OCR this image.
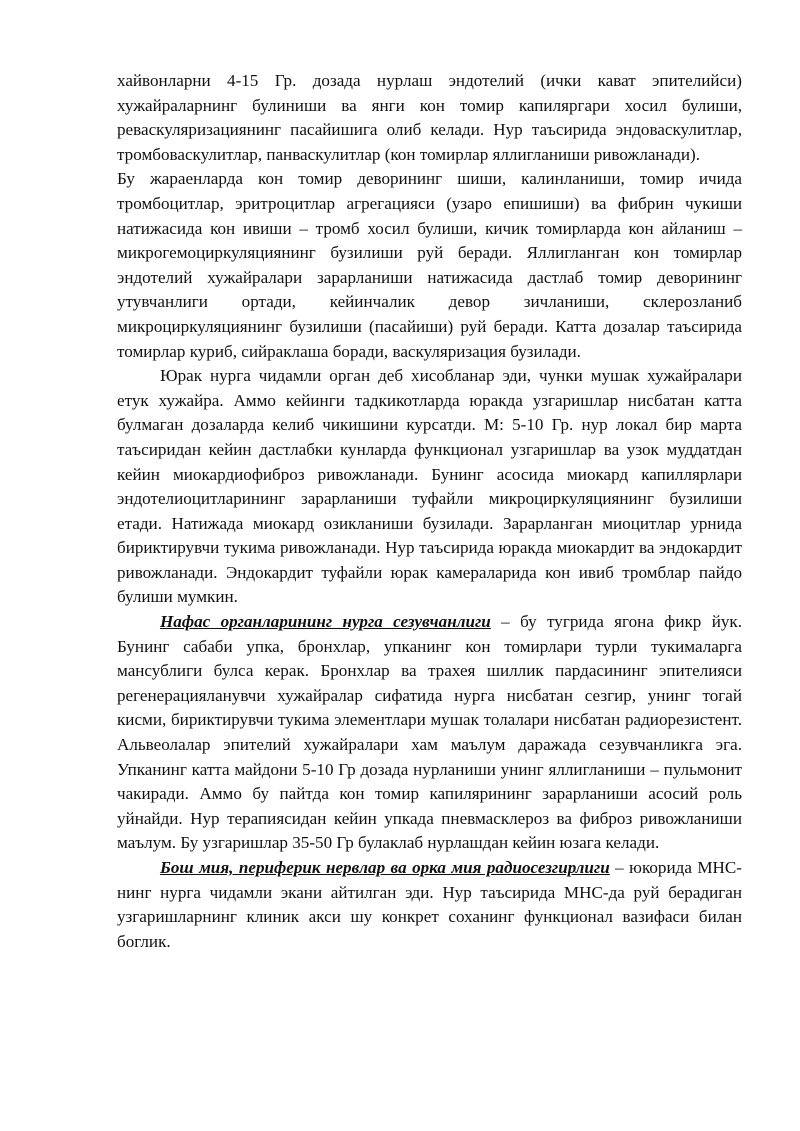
хайвонларни 4-15 Гр. дозада нурлаш эндотелий (ички кават эпителийси) хужайраларнинг булиниши ва янги кон томир капиляргари хосил булиши, реваскуляризациянинг пасайишига олиб келади. Нур таъсирида эндоваскулитлар, тромбоваскулитлар, панваскулитлар (кон томирлар яллигланиши ривожланади).

Бу жараенларда кон томир деворининг шиши, калинланиши, томир ичида тромбоцитлар, эритроцитлар агрегацияси (узаро епишиши) ва фибрин чукиши натижасида кон ивиши – тромб хосил булиши, кичик томирларда кон айланиш – микрогемоциркуляциянинг бузилиши руй беради. Яллигланган кон томирлар эндотелий хужайралари зарарланиши натижасида дастлаб томир деворининг утувчанлиги ортади, кейинчалик девор зичланиши, склерозланиб микроциркуляциянинг бузилиши (пасайиши) руй беради. Катта дозалар таъсирида томирлар куриб, сийраклаша боради, васкуляризация бузилади.

Юрак нурга чидамли орган деб хисобланар эди, чунки мушак хужайралари етук хужайра. Аммо кейинги тадкикотларда юракда узгаришлар нисбатан катта булмаган дозаларда келиб чикишини курсатди. М: 5-10 Гр. нур локал бир марта таъсиридан кейин дастлабки кунларда функционал узгаришлар ва узок муддатдан кейин миокардиофиброз ривожланади. Бунинг асосида миокард капиллярлари эндотелиоцитларининг зарарланиши туфайли микроциркуляциянинг бузилиши етади. Натижада миокард озикланиши бузилади. Зарарланган миоцитлар урнида бириктирувчи тукима ривожланади. Нур таъсирида юракда миокардит ва эндокардит ривожланади. Эндокардит туфайли юрак камераларида кон ивиб тромблар пайдо булиши мумкин.

Нафас органларининг нурга сезувчанлиги – бу тугрида ягона фикр йук. Бунинг сабаби упка, бронхлар, упканинг кон томирлари турли тукималарга мансублиги булса керак. Бронхлар ва трахея шиллик пардасининг эпителияси регенерацияланувчи хужайралар сифатида нурга нисбатан сезгир, унинг тогай кисми, бириктирувчи тукима элементлари мушак толалари нисбатан радиорезистент. Альвеолалар эпителий хужайралари хам маълум даражада сезувчанликга эга. Упканинг катта майдони 5-10 Гр дозада нурланиши унинг яллигланиши – пульмонит чакиради. Аммо бу пайтда кон томир капилярининг зарарланиши асосий роль уйнайди. Нур терапиясидан кейин упкада пневмасклероз ва фиброз ривожланиши маълум. Бу узгаришлар 35-50 Гр булаклаб нурлашдан кейин юзага келади.

Бош мия, периферик нервлар ва орка мия радиосезгирлиги – юкорида МНС-нинг нурга чидамли экани айтилган эди. Нур таъсирида МНС-да руй берадиган узгаришларнинг клиник акси шу конкрет соханинг функционал вазифаси билан боглик.
